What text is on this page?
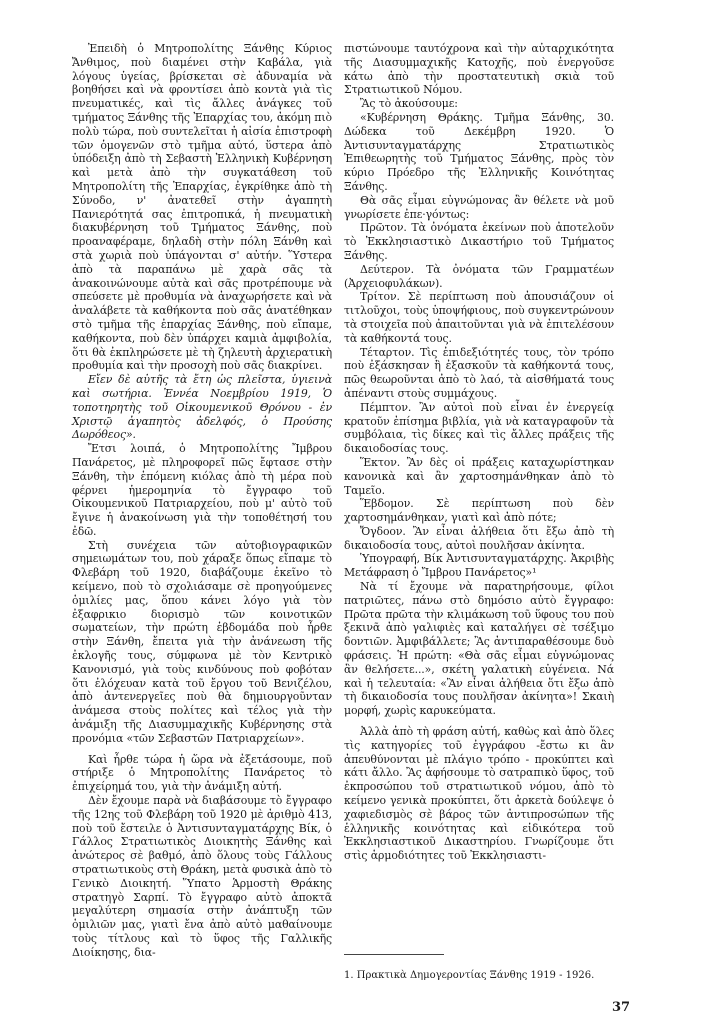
Ἐπειδὴ ὁ Μητροπολίτης Ξάνθης Κύριος Ἄνθιμος, ποὺ διαμένει στὴν Καβάλα, γιὰ λόγους ὑγείας, βρίσκεται σὲ ἀδυναμία νὰ βοηθήσει καὶ νὰ φροντίσει ἀπὸ κοντὰ γιὰ τὶς πνευματικές, καὶ τὶς ἄλλες ἀνάγκες τοῦ τμήματος Ξάνθης τῆς Ἐπαρχίας του, ἀκόμη πιὸ πολὺ τώρα, ποὺ συντελεῖται ἡ αἰσία ἐπιστροφὴ τῶν ὁμογενῶν στὸ τμῆμα αὐτό, ὕστερα ἀπὸ ὑπόδειξη ἀπὸ τὴ Σεβαστὴ Ἑλληνικὴ Κυβέρνηση καὶ μετὰ ἀπὸ τὴν συγκατάθεση τοῦ Μητροπολίτη τῆς Ἐπαρχίας, ἐγκρίθηκε ἀπὸ τὴ Σύνοδο, ν' ἀνατεθεῖ στὴν ἀγαπητὴ Πανιερότητά σας ἐπιτροπικά, ἡ πνευματικὴ διακυβέρνηση τοῦ Τμήματος Ξάνθης, ποὺ προαναφέραμε, δηλαδὴ στὴν πόλη Ξάνθη καὶ στὰ χωριὰ ποὺ ὑπάγονται σ' αὐτήν. Ὕστερα ἀπὸ τὰ παραπάνω μὲ χαρὰ σᾶς τὰ ἀνακοινώνουμε αὐτὰ καὶ σᾶς προτρέπουμε νὰ σπεύσετε μὲ προθυμία νὰ ἀναχωρήσετε καὶ νὰ ἀναλάβετε τὰ καθήκοντα ποὺ σᾶς ἀνατέθηκαν στὸ τμῆμα τῆς ἐπαρχίας Ξάνθης, ποὺ εἴπαμε, καθήκοντα, ποὺ δὲν ὑπάρχει καμιὰ ἀμφιβολία, ὅτι θὰ ἐκπληρώσετε μὲ τὴ ζηλευτὴ ἀρχιερατικὴ προθυμία καὶ τὴν προσοχὴ ποὺ σᾶς διακρίνει.

Εἴεν δὲ αὐτῆς τὰ ἔτη ὡς πλεῖστα, ὑγιεινὰ καὶ σωτήρια. Ἐννέα Νοεμβρίου 1919, Ὁ τοποτηρητὴς τοῦ Οἰκουμενικοῦ Θρόνου - ἐν Χριστῷ ἀγαπητὸς ἀδελφός, ὁ Προύσης Δωρόθεος».

Ἔτσι λοιπά, ὁ Μητροπολίτης Ἴμβρου Πανάρετος, μὲ πληροφορεῖ πῶς ἔφτασε στὴν Ξάνθη, τὴν ἑπόμενη κιόλας ἀπὸ τὴ μέρα ποὺ φέρνει ἡμερομηνία τὸ ἔγγραφο τοῦ Οἰκουμενικοῦ Πατριαρχείου, ποὺ μ' αὐτὸ τοῦ ἔγινε ἡ ἀνακοίνωση γιὰ τὴν τοποθέτησή του ἐδῶ.

Στὴ συνέχεια τῶν αὐτοβιογραφικῶν σημειωμάτων του, ποὺ χάραξε ὅπως εἴπαμε τὸ Φλεβάρη τοῦ 1920, διαβάζουμε ἐκεῖνο τὸ κείμενο, ποὺ τὸ σχολιάσαμε σὲ προηγούμενες ὁμιλίες μας, ὅπου κάνει λόγο γιὰ τὸν ἐξαφρικιο διορισμὸ τῶν κοινοτικῶν σωματείων, τὴν πρώτη ἑβδομάδα ποὺ ἦρθε στὴν Ξάνθη, ἔπειτα γιὰ τὴν ἀνάνεωση τῆς ἐκλογῆς τους, σύμφωνα μὲ τὸν Κεντρικὸ Κανονισμό, γιὰ τοὺς κινδύνους ποὺ φοβόταν ὅτι ἐλόχευαν κατὰ τοῦ ἔργου τοῦ Βενιζέλου, ἀπὸ ἀντενεργεῖες ποὺ θὰ δημιουργοῦνταν ἀνάμεσα στοὺς πολίτες καὶ τέλος γιὰ τὴν ἀνάμιξη τῆς Διασυμμαχικῆς Κυβέρνησης στὰ προνόμια «τῶν Σεβαστῶν Πατριαρχείων».

Καὶ ἦρθε τώρα ἡ ὥρα νὰ ἐξετάσουμε, ποῦ στήριξε ὁ Μητροπολίτης Πανάρετος τὸ ἐπιχείρημά του, γιὰ τὴν ἀνάμιξη αὐτή.

Δὲν ἔχουμε παρὰ νὰ διαβάσουμε τὸ ἔγγραφο τῆς 12ης τοῦ Φλεβάρη τοῦ 1920 μὲ ἀριθμὸ 413, ποὺ τοῦ ἔστειλε ὁ Ἀντισυνταγματάρχης Βίκ, ὁ Γάλλος Στρατιωτικὸς Διοικητὴς Ξάνθης καὶ ἀνώτερος σὲ βαθμό, ἀπὸ ὅλους τοὺς Γάλλους στρατιωτικοὺς στὴ Θράκη, μετὰ φυσικὰ ἀπὸ τὸ Γενικὸ Διοικητή. Ὕπατο Ἁρμοστὴ Θράκης στρατηγὸ Σαρπί. Τὸ ἔγγραφο αὐτὸ ἀποκτᾶ μεγαλύτερη σημασία στὴν ἀνάπτυξη τῶν ὁμιλιῶν μας, γιατὶ ἔνα ἀπὸ αὐτὸ μαθαίνουμε τοὺς τίτλους καὶ τὸ ὕφος τῆς Γαλλικῆς Διοίκησης, δια-

πιστώνουμε ταυτόχρονα καὶ τὴν αὐταρχικότητα τῆς Διασυμμαχικῆς Κατοχῆς, ποὺ ἐνεργοῦσε κάτω ἀπὸ τὴν προστατευτικὴ σκιὰ τοῦ Στρατιωτικοῦ Νόμου.

Ἂς τὸ ἀκούσουμε:

«Κυβέρνηση Θράκης. Τμῆμα Ξάνθης, 30. Δώδεκα τοῦ Δεκέμβρη 1920. Ὁ Ἀντισυνταγματάρχης Στρατιωτικὸς Ἐπιθεωρητὴς τοῦ Τμήματος Ξάνθης, πρὸς τὸν κύριο Πρόεδρο τῆς Ἑλληνικῆς Κοινότητας Ξάνθης.

Θὰ σᾶς εἶμαι εὐγνώμονας ἂν θέλετε νὰ μοῦ γνωρίσετε ἐπε·γόντως:

Πρῶτον. Τὰ ὀνόματα ἐκείνων ποὺ ἀποτελοῦν τὸ Ἐκκλησιαστικὸ Δικαστήριο τοῦ Τμήματος Ξάνθης.

Δεύτερον. Τὰ ὀνόματα τῶν Γραμματέων (Ἀρχειοφυλάκων).

Τρίτον. Σὲ περίπτωση ποὺ ἀπουσιάζουν οἱ τιτλοῦχοι, τοὺς ὑποψήφιους, ποὺ συγκεντρώνουν τὰ στοιχεῖα ποὺ ἀπαιτοῦνται γιὰ νὰ ἐπιτελέσουν τὰ καθήκοντά τους.

Τέταρτον. Τὶς ἐπιδεξιότητές τους, τὸν τρόπο ποὺ ἐξάσκησαν ἢ ἐξασκοῦν τὰ καθήκοντά τους, πῶς θεωροῦνται ἀπὸ τὸ λαό, τὰ αἰσθήματά τους ἀπέναντι στοὺς συμμάχους.

Πέμπτον. Ἂν αὐτοὶ ποὺ εἶναι ἐν ἐνεργείᾳ κρατοῦν ἐπίσημα βιβλία, γιὰ νὰ καταγραφοῦν τὰ συμβόλαια, τὶς δίκες καὶ τὶς ἄλλες πράξεις τῆς δικαιοδοσίας τους.

Ἕκτον. Ἂν δὲς οἱ πράξεις καταχωρίστηκαν κανονικὰ καὶ ἂν χαρτοσημάνθηκαν ἀπὸ τὸ Ταμεῖο.

Ἕβδομον. Σὲ περίπτωση ποὺ δὲν χαρτοσημάνθηκαν, γιατὶ καὶ ἀπὸ πότε;

Ὄγδοον. Ἂν εἶναι ἀλήθεια ὅτι ἔξω ἀπὸ τὴ δικαιοδοσία τους, αὐτοὶ πουλῆσαν ἀκίνητα.

Ὑπογραφή, Βίκ Ἀντισυνταγματάρχης. Ἀκριβὴς Μετάφραση ὁ Ἴμβρου Πανάρετος»¹

Νὰ τί ἔχουμε νὰ παρατηρήσουμε, φίλοι πατριῶτες, πάνω στὸ δημόσιο αὐτὸ ἔγγραφο: Πρῶτα πρῶτα τὴν κλιμάκωση τοῦ ὕφους του ποὺ ξεκινᾶ ἀπὸ γαλιφιὲς καὶ καταλήγει σὲ τσέξιμο δοντιῶν. Ἀμφιβάλλετε; Ἂς ἀντιπαραθέσουμε δυὸ φράσεις. Ἡ πρώτη: «Θὰ σᾶς εἶμαι εὐγνώμονας ἂν θελήσετε...», σκέτη γαλατικὴ εὐγένεια. Νά καὶ ἡ τελευταία: «Ἂν εἶναι ἀλήθεια ὅτι ἔξω ἀπὸ τὴ δικαιοδοσία τους πουλῆσαν ἀκίνητα»! Σκαιὴ μορφή, χωρὶς καρυκεύματα.

Ἀλλὰ ἀπὸ τὴ φράση αὐτή, καθὼς καὶ ἀπὸ ὅλες τὶς κατηγορίες τοῦ ἐγγράφου -ἔστω κι ἂν ἀπευθύνονται μὲ πλάγιο τρόπο - προκύπτει καὶ κάτι ἄλλο. Ἂς ἀφήσουμε τὸ σατραπικὸ ὕφος, τοῦ ἐκπροσώπου τοῦ στρατιωτικοῦ νόμου, ἀπὸ τὸ κείμενο γενικὰ προκύπτει, ὅτι ἀρκετὰ δούλεψε ὁ χαφιεδισμὸς σὲ βάρος τῶν ἀντιπροσώπων τῆς ἑλληνικῆς κοινότητας καὶ εἰδικότερα τοῦ Ἐκκλησιαστικοῦ Δικαστηρίου. Γνωρίζουμε ὅτι στὶς ἁρμοδιότητες τοῦ Ἐκκλησιαστι-

1. Πρακτικὰ Δημογεροντίας Ξάνθης 1919 - 1926.
37
